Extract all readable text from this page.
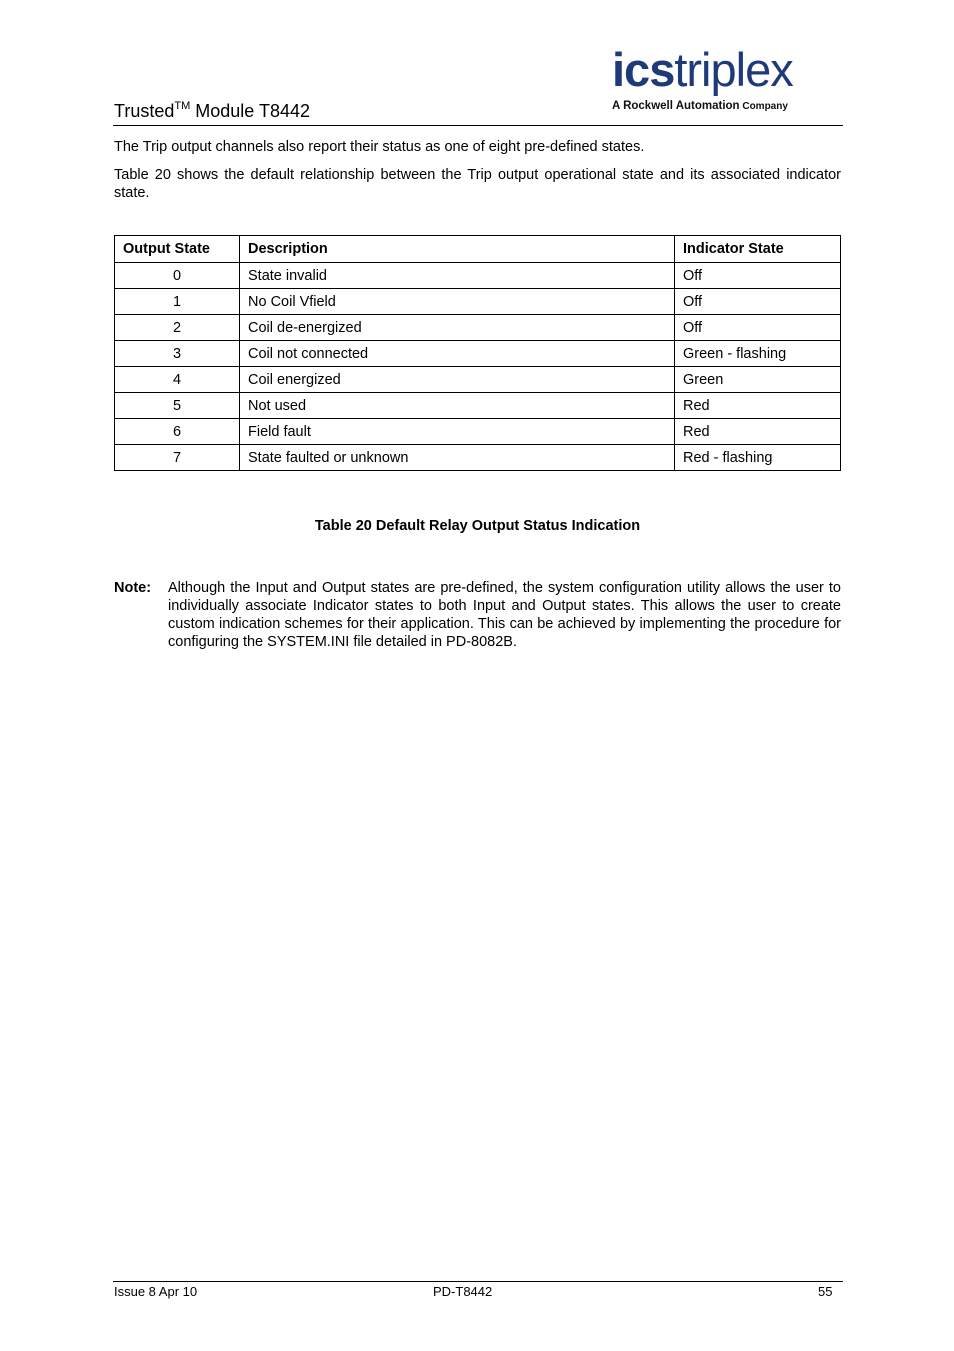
Trusted™ Module T8442
icstriplex
A Rockwell Automation Company
The Trip output channels also report their status as one of eight pre-defined states.
Table 20 shows the default relationship between the Trip output operational state and its associated indicator state.
Output State	Description	Indicator State
0	State invalid	Off
1	No Coil Vfield	Off
2	Coil de-energized	Off
3	Coil not connected	Green - flashing
4	Coil energized	Green
5	Not used	Red
6	Field fault	Red
7	State faulted or unknown	Red - flashing
Table 20 Default Relay Output Status Indication
Note: Although the Input and Output states are pre-defined, the system configuration utility allows the user to individually associate Indicator states to both Input and Output states. This allows the user to create custom indication schemes for their application. This can be achieved by implementing the procedure for configuring the SYSTEM.INI file detailed in PD-8082B.
Issue 8 Apr 10	PD-T8442	55
